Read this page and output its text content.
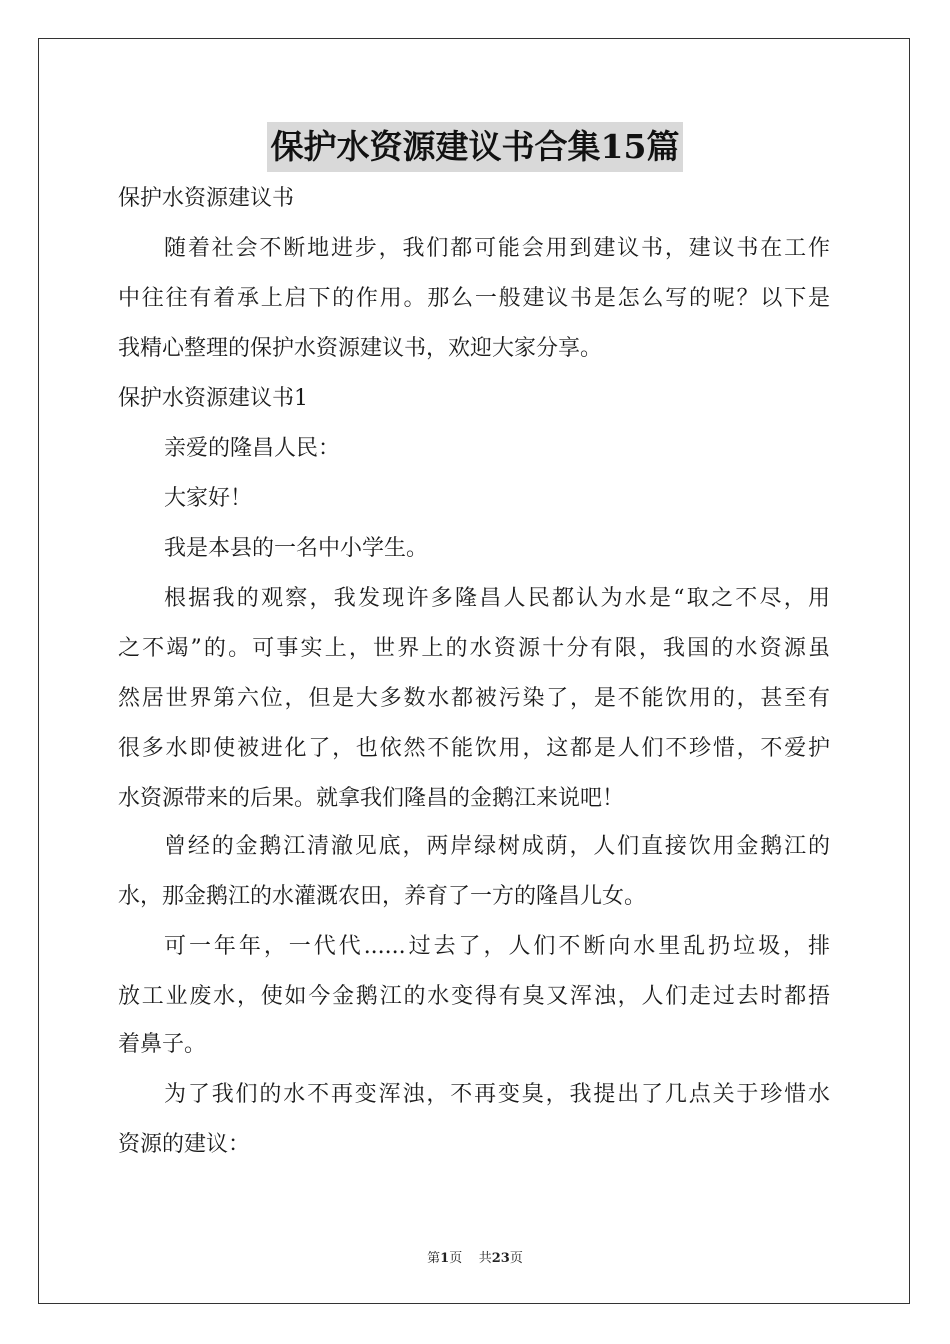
保护水资源建议书合集15篇
保护水资源建议书
随着社会不断地进步，我们都可能会用到建议书，建议书在工作
中往往有着承上启下的作用。那么一般建议书是怎么写的呢？以下是
我精心整理的保护水资源建议书，欢迎大家分享。
保护水资源建议书1
亲爱的隆昌人民：
大家好！
我是本县的一名中小学生。
根据我的观察，我发现许多隆昌人民都认为水是“取之不尽，用
之不竭”的。可事实上，世界上的水资源十分有限，我国的水资源虽
然居世界第六位，但是大多数水都被污染了，是不能饮用的，甚至有
很多水即使被进化了，也依然不能饮用，这都是人们不珍惜，不爱护
水资源带来的后果。就拿我们隆昌的金鹅江来说吧！
曾经的金鹅江清澈见底，两岸绿树成荫，人们直接饮用金鹅江的
水，那金鹅江的水灌溉农田，养育了一方的隆昌儿女。
可一年年，一代代......过去了，人们不断向水里乱扔垃圾，排
放工业废水，使如今金鹅江的水变得有臭又浑浊，人们走过去时都捂
着鼻子。
为了我们的水不再变浑浊，不再变臭，我提出了几点关于珍惜水
资源的建议：
第1页 共23页
